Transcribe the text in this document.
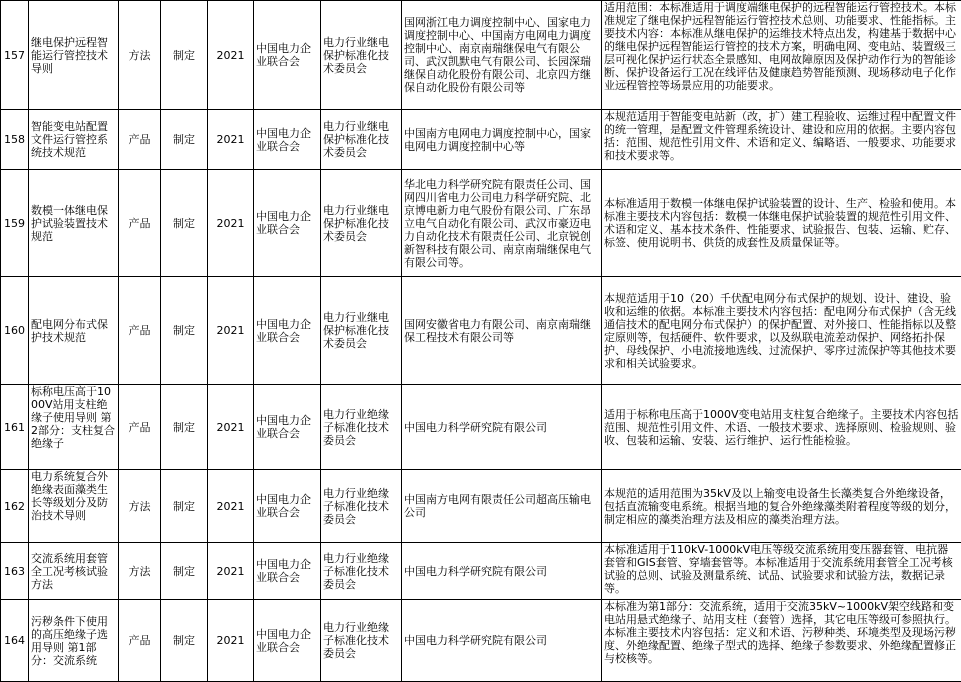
157	继电保护远程智能运行管控技术导则	方法	制定	2021	中国电力企业联合会	电力行业继电保护标准化技术委员会	国网浙江电力调度控制中心、国家电力调度控制中心、中国南方电网电力调度控制中心、南京南瑞继保电气有限公司、武汉凯默电气有限公司、长园深瑞继保自动化股份有限公司、北京四方继保自动化股份有限公司等	适用范围：本标准适用于调度端继电保护的远程智能运行管控技术。本标准规定了继电保护远程智能运行管控技术总则、功能要求、性能指标。主要技术内容：本标准从继电保护的运维技术特点出发，构建基于数据中心的继电保护远程智能运行管控的技术方案，明确电网、变电站、装置级三层可视化保护运行状态全景感知、电网故障原因及保护动作行为的智能诊断、保护设备运行工况在线评估及健康趋势智能预测、现场移动电子化作业远程管控等场景应用的功能要求。

158	智能变电站配置文件运行管控系统技术规范	产品	制定	2021	中国电力企业联合会	电力行业继电保护标准化技术委员会	中国南方电网电力调度控制中心，国家电网电力调度控制中心等	本规范适用于智能变电站新（改，扩）建工程验收、运维过程中配置文件的统一管理，是配置文件管理系统设计、建设和应用的依据。主要内容包括：范围、规范性引用文件、术语和定义、编略语、一般要求、功能要求和技术要求等。

159	数模一体继电保护试验装置技术规范	产品	制定	2021	中国电力企业联合会	电力行业继电保护标准化技术委员会	华北电力科学研究院有限责任公司、国网四川省电力公司电力科学研究院、北京博电新力电气股份有限公司、广东昂立电气自动化有限公司、武汉市豪迈电力自动化技术有限责任公司、北京锐创新智科技有限公司、南京南瑞继保电气有限公司等。	本标准适用于数模一体继电保护试验装置的设计、生产、检验和使用。本标准主要技术内容包括：数模一体继电保护试验装置的规范性引用文件、术语和定义、基本技术条件、性能要求、试验报告、包装、运输、贮存、标签、使用说明书、供货的成套性及质量保证等。

160	配电网分布式保护技术规范	产品	制定	2021	中国电力企业联合会	电力行业继电保护标准化技术委员会	国网安徽省电力有限公司、南京南瑞继保工程技术有限公司等	本规范适用于10（20）千伏配电网分布式保护的规划、设计、建设、验收和运维的依据。本标准主要技术内容包括：配电网分布式保护（含无线通信技术的配电网分布式保护）的保护配置、对外接口、性能指标以及整定原则等，包括硬件、软件要求，以及纵联电流差动保护、网络拓扑保护、母线保护、小电流接地选线、过流保护、零序过流保护等其他技术要求和相关试验要求。

161	标称电压高于1000V站用支柱绝缘子使用导则 第2部分：支柱复合绝缘子	产品	制定	2021	中国电力企业联合会	电力行业绝缘子标准化技术委员会	中国电力科学研究院有限公司	适用于标称电压高于1000V变电站用支柱复合绝缘子。主要技术内容包括范围、规范性引用文件、术语、一般技术要求、选择原则、检验规则、验收、包装和运输、安装、运行维护、运行性能检验。

162	电力系统复合外绝缘表面藻类生长等级划分及防治技术导则	方法	制定	2021	中国电力企业联合会	电力行业绝缘子标准化技术委员会	中国南方电网有限责任公司超高压输电公司	本规范的适用范围为35kV及以上输变电设备生长藻类复合外绝缘设备，包括直流输变电系统。根据当地的复合外绝缘藻类附着程度等级的划分，制定相应的藻类治理方法及相应的藻类治理方法。

163	交流系统用套管全工况考核试验方法	方法	制定	2021	中国电力企业联合会	电力行业绝缘子标准化技术委员会	中国电力科学研究院有限公司	本标准适用于110kV-1000kV电压等级交流系统用变压器套管、电抗器套管和GIS套管、穿墙套管等。本标准适用于交流系统用套管全工况考核试验的总则、试验及测量系统、试品、试验要求和试验方法，数据记录等。

164	污秽条件下使用的高压绝缘子选用导则 第1部分：交流系统	产品	制定	2021	中国电力企业联合会	电力行业绝缘子标准化技术委员会	中国电力科学研究院有限公司	本标准为第1部分：交流系统，适用于交流35kV~1000kV架空线路和变电站用悬式绝缘子、站用支柱（套管）选择，其它电压等级可参照执行。本标准主要技术内容包括：定义和术语、污秽种类、环境类型及现场污秽度、外绝缘配置、绝缘子型式的选择、绝缘子参数要求、外绝缘配置修正与校核等。
